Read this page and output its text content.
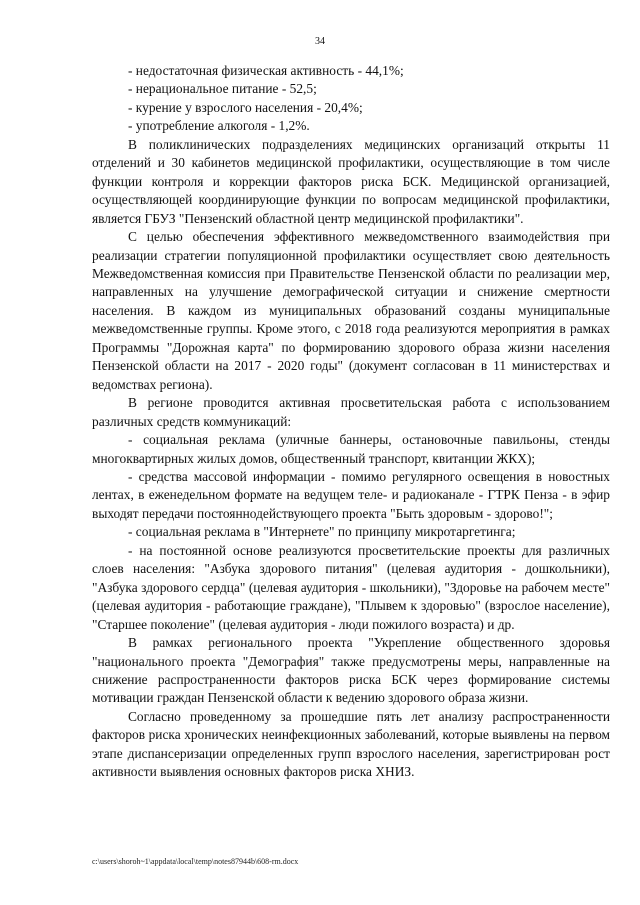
34

- недостаточная физическая активность - 44,1%;

- нерациональное питание - 52,5;

- курение у взрослого населения - 20,4%;

- употребление алкоголя - 1,2%.

В поликлинических подразделениях медицинских организаций открыты 11 отделений и 30 кабинетов медицинской профилактики, осуществляющие в том числе функции контроля и коррекции факторов риска БСК. Медицинской организацией, осуществляющей координирующие функции по вопросам медицинской профилактики, является ГБУЗ "Пензенский областной центр медицинской профилактики".

С целью обеспечения эффективного межведомственного взаимодействия при реализации стратегии популяционной профилактики осуществляет свою деятельность Межведомственная комиссия при Правительстве Пензенской области по реализации мер, направленных на улучшение демографической ситуации и снижение смертности населения. В каждом из муниципальных образований созданы муниципальные межведомственные группы. Кроме этого, с 2018 года реализуются мероприятия в рамках Программы "Дорожная карта" по формированию здорового образа жизни населения Пензенской области на 2017 - 2020 годы" (документ согласован в 11 министерствах и ведомствах региона).

В регионе проводится активная просветительская работа с использованием различных средств коммуникаций:

- социальная реклама (уличные баннеры, остановочные павильоны, стенды многоквартирных жилых домов, общественный транспорт, квитанции ЖКХ);

- средства массовой информации - помимо регулярного освещения в новостных лентах, в еженедельном формате на ведущем теле- и радиоканале - ГТРК Пенза - в эфир выходят передачи постояннодействующего проекта "Быть здоровым - здорово!";

- социальная реклама в "Интернете" по принципу микротаргетинга;

- на постоянной основе реализуются просветительские проекты для различных слоев населения: "Азбука здорового питания" (целевая аудитория - дошкольники), "Азбука здорового сердца" (целевая аудитория - школьники), "Здоровье на рабочем месте" (целевая аудитория - работающие граждане), "Плывем к здоровью" (взрослое население), "Старшее поколение" (целевая аудитория - люди пожилого возраста) и др.

В рамках регионального проекта "Укрепление общественного здоровья "национального проекта "Демография" также предусмотрены меры, направленные на снижение распространенности факторов риска БСК через формирование системы мотивации граждан Пензенской области к ведению здорового образа жизни.

Согласно проведенному за прошедшие пять лет анализу распространенности факторов риска хронических неинфекционных заболеваний, которые выявлены на первом этапе диспансеризации определенных групп взрослого населения, зарегистрирован рост активности выявления основных факторов риска ХНИЗ.

c:\users\shoroh~1\appdata\local\temp\notes87944b\608-rm.docx
